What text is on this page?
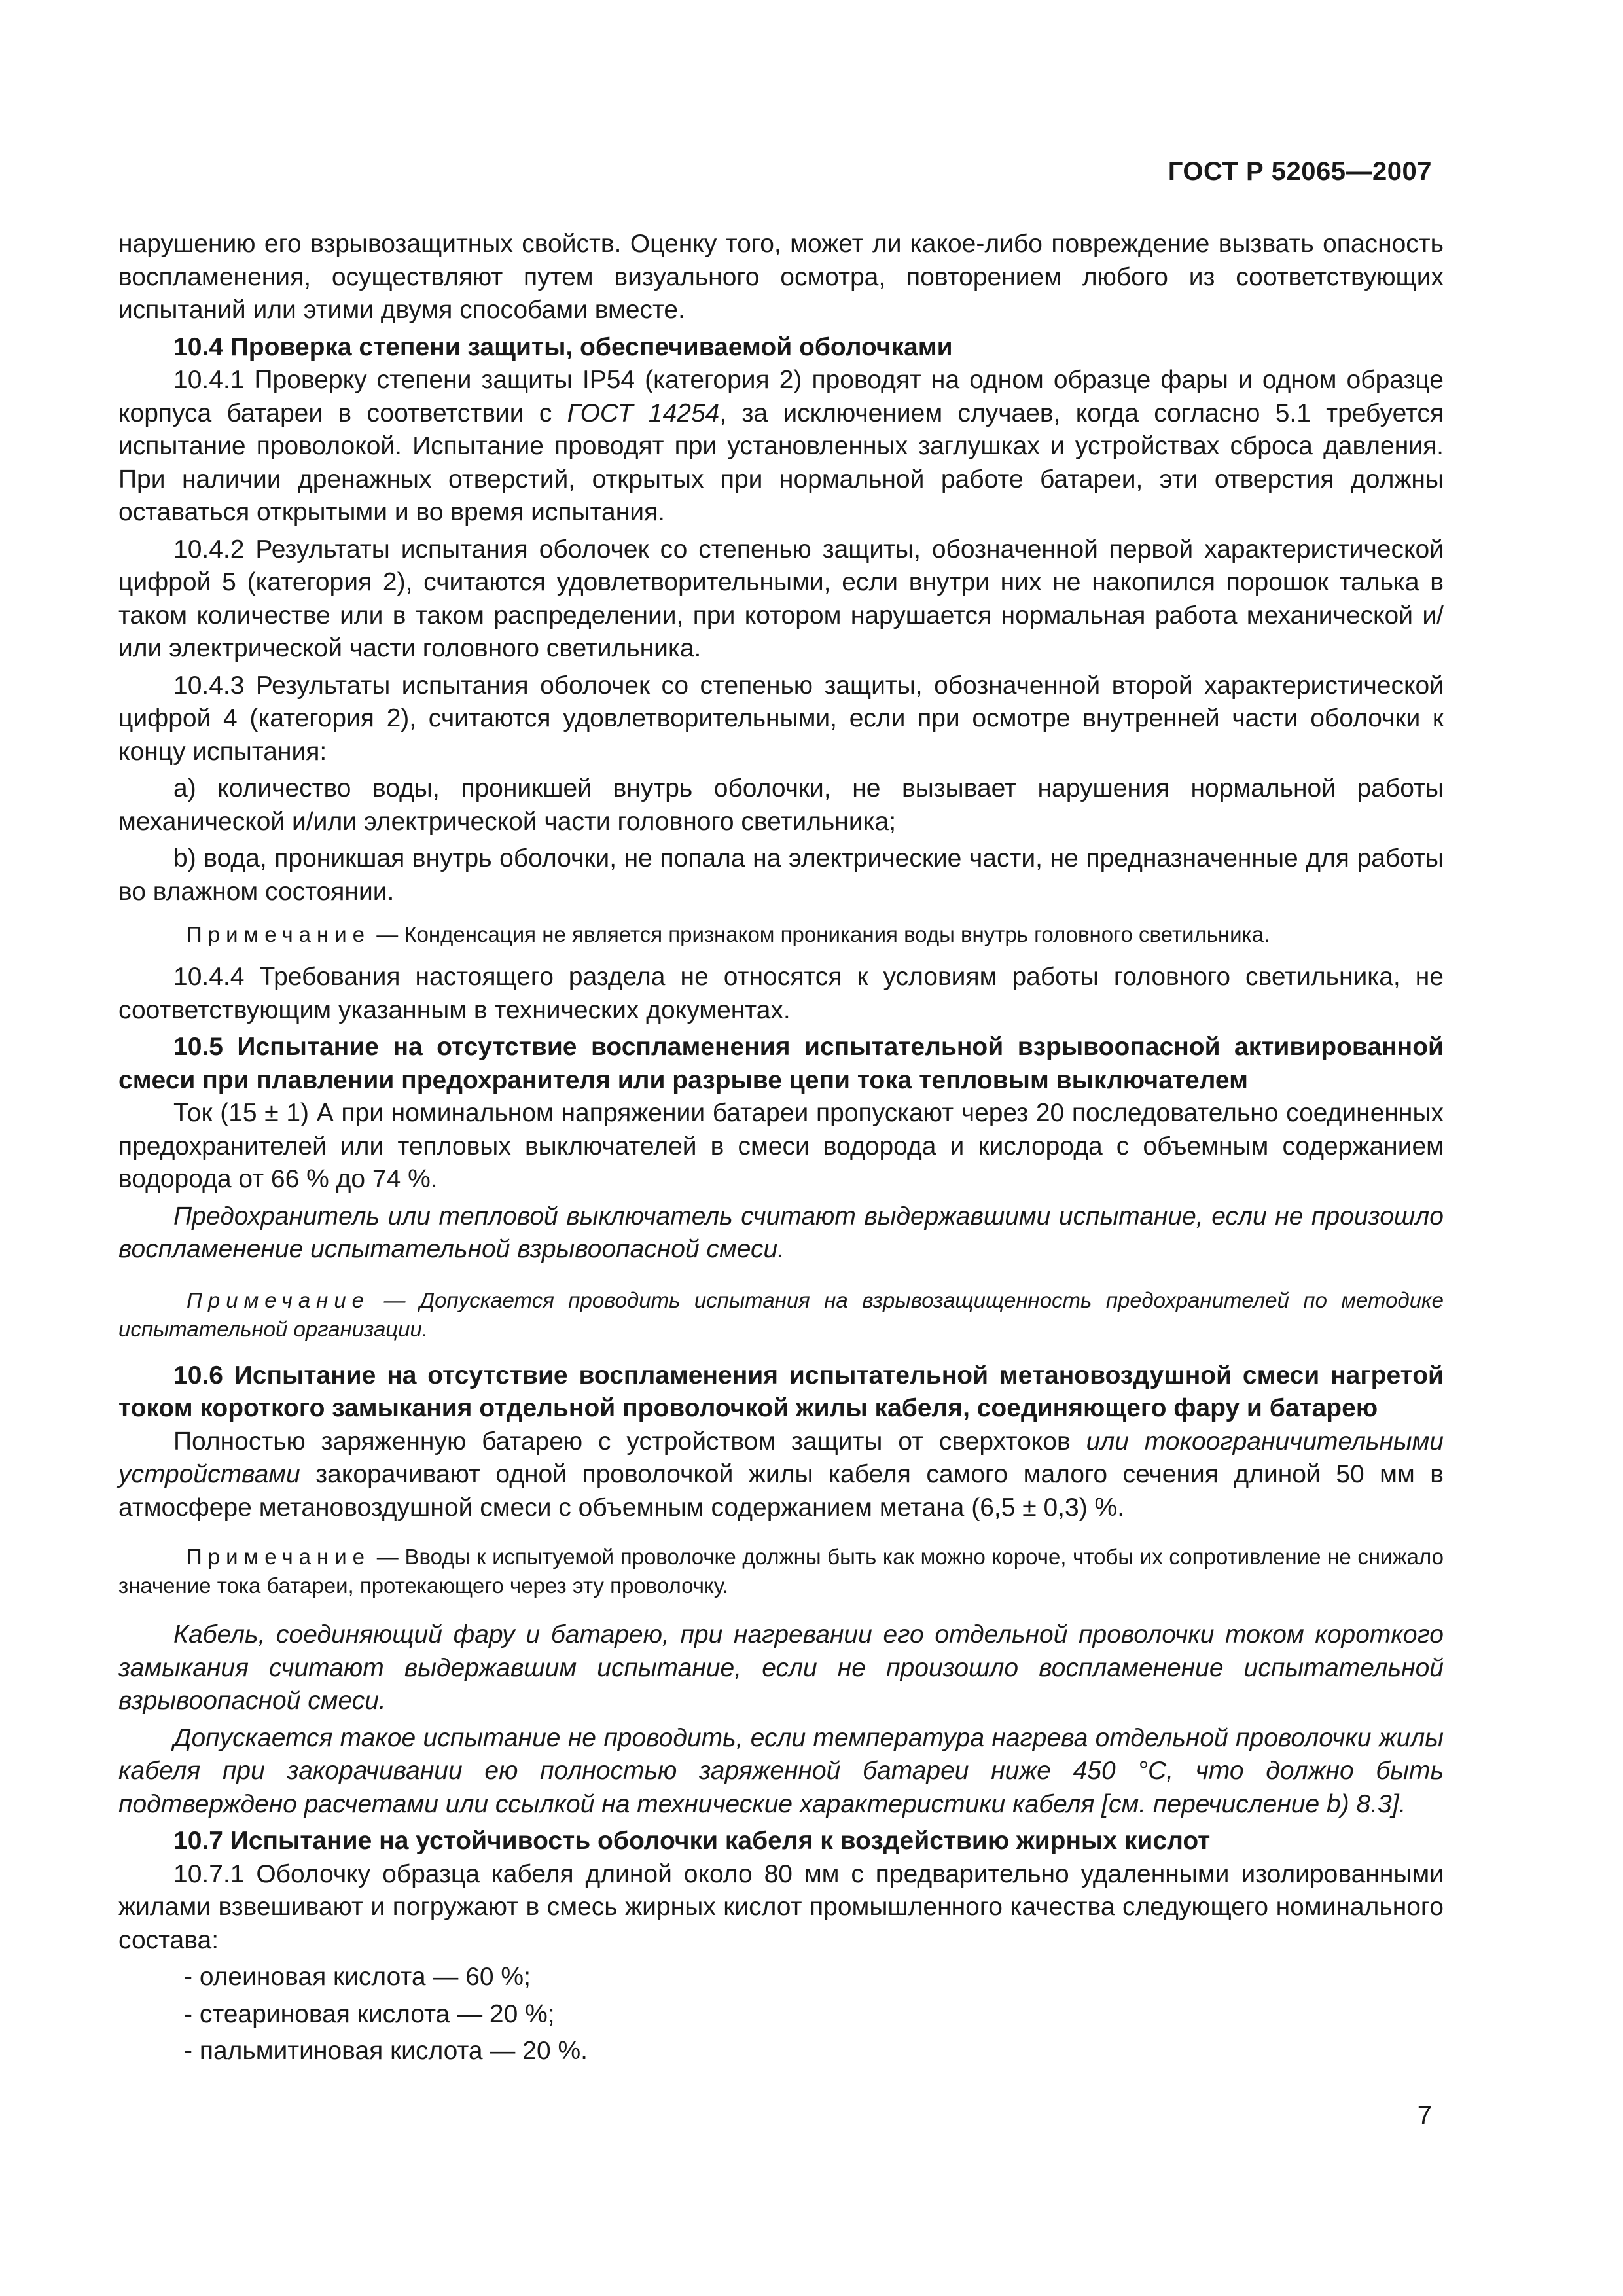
ГОСТ Р 52065—2007

нарушению его взрывозащитных свойств. Оценку того, может ли какое-либо повреждение вызвать опасность воспламенения, осуществляют путем визуального осмотра, повторением любого из соответствующих испытаний или этими двумя способами вместе.

10.4 Проверка степени защиты, обеспечиваемой оболочками

10.4.1 Проверку степени защиты IP54 (категория 2) проводят на одном образце фары и одном образце корпуса батареи в соответствии с ГОСТ 14254, за исключением случаев, когда согласно 5.1 требуется испытание проволокой. Испытание проводят при установленных заглушках и устройствах сброса давления. При наличии дренажных отверстий, открытых при нормальной работе батареи, эти отверстия должны оставаться открытыми и во время испытания.

10.4.2 Результаты испытания оболочек со степенью защиты, обозначенной первой характеристической цифрой 5 (категория 2), считаются удовлетворительными, если внутри них не накопился порошок талька в таком количестве или в таком распределении, при котором нарушается нормальная работа механической и/или электрической части головного светильника.

10.4.3 Результаты испытания оболочек со степенью защиты, обозначенной второй характеристической цифрой 4 (категория 2), считаются удовлетворительными, если при осмотре внутренней части оболочки к концу испытания:

a) количество воды, проникшей внутрь оболочки, не вызывает нарушения нормальной работы механической и/или электрической части головного светильника;

b) вода, проникшая внутрь оболочки, не попала на электрические части, не предназначенные для работы во влажном состоянии.

Примечание — Конденсация не является признаком проникания воды внутрь головного светильника.

10.4.4 Требования настоящего раздела не относятся к условиям работы головного светильника, не соответствующим указанным в технических документах.

10.5 Испытание на отсутствие воспламенения испытательной взрывоопасной активированной смеси при плавлении предохранителя или разрыве цепи тока тепловым выключателем

Ток (15 ± 1) А при номинальном напряжении батареи пропускают через 20 последовательно соединенных предохранителей или тепловых выключателей в смеси водорода и кислорода с объемным содержанием водорода от 66 % до 74 %.

Предохранитель или тепловой выключатель считают выдержавшими испытание, если не произошло воспламенение испытательной взрывоопасной смеси.

Примечание — Допускается проводить испытания на взрывозащищенность предохранителей по методике испытательной организации.

10.6 Испытание на отсутствие воспламенения испытательной метановоздушной смеси нагретой током короткого замыкания отдельной проволочкой жилы кабеля, соединяющего фару и батарею

Полностью заряженную батарею с устройством защиты от сверхтоков или токоограничительными устройствами закорачивают одной проволочкой жилы кабеля самого малого сечения длиной 50 мм в атмосфере метановоздушной смеси с объемным содержанием метана (6,5 ± 0,3) %.

Примечание — Вводы к испытуемой проволочке должны быть как можно короче, чтобы их сопротивление не снижало значение тока батареи, протекающего через эту проволочку.

Кабель, соединяющий фару и батарею, при нагревании его отдельной проволочки током короткого замыкания считают выдержавшим испытание, если не произошло воспламенение испытательной взрывоопасной смеси.

Допускается такое испытание не проводить, если температура нагрева отдельной проволочки жилы кабеля при закорачивании ею полностью заряженной батареи ниже 450 °С, что должно быть подтверждено расчетами или ссылкой на технические характеристики кабеля [см. перечисление b) 8.3].

10.7 Испытание на устойчивость оболочки кабеля к воздействию жирных кислот

10.7.1 Оболочку образца кабеля длиной около 80 мм с предварительно удаленными изолированными жилами взвешивают и погружают в смесь жирных кислот промышленного качества следующего номинального состава:

- олеиновая кислота — 60 %;

- стеариновая кислота — 20 %;

- пальмитиновая кислота — 20 %.

7
